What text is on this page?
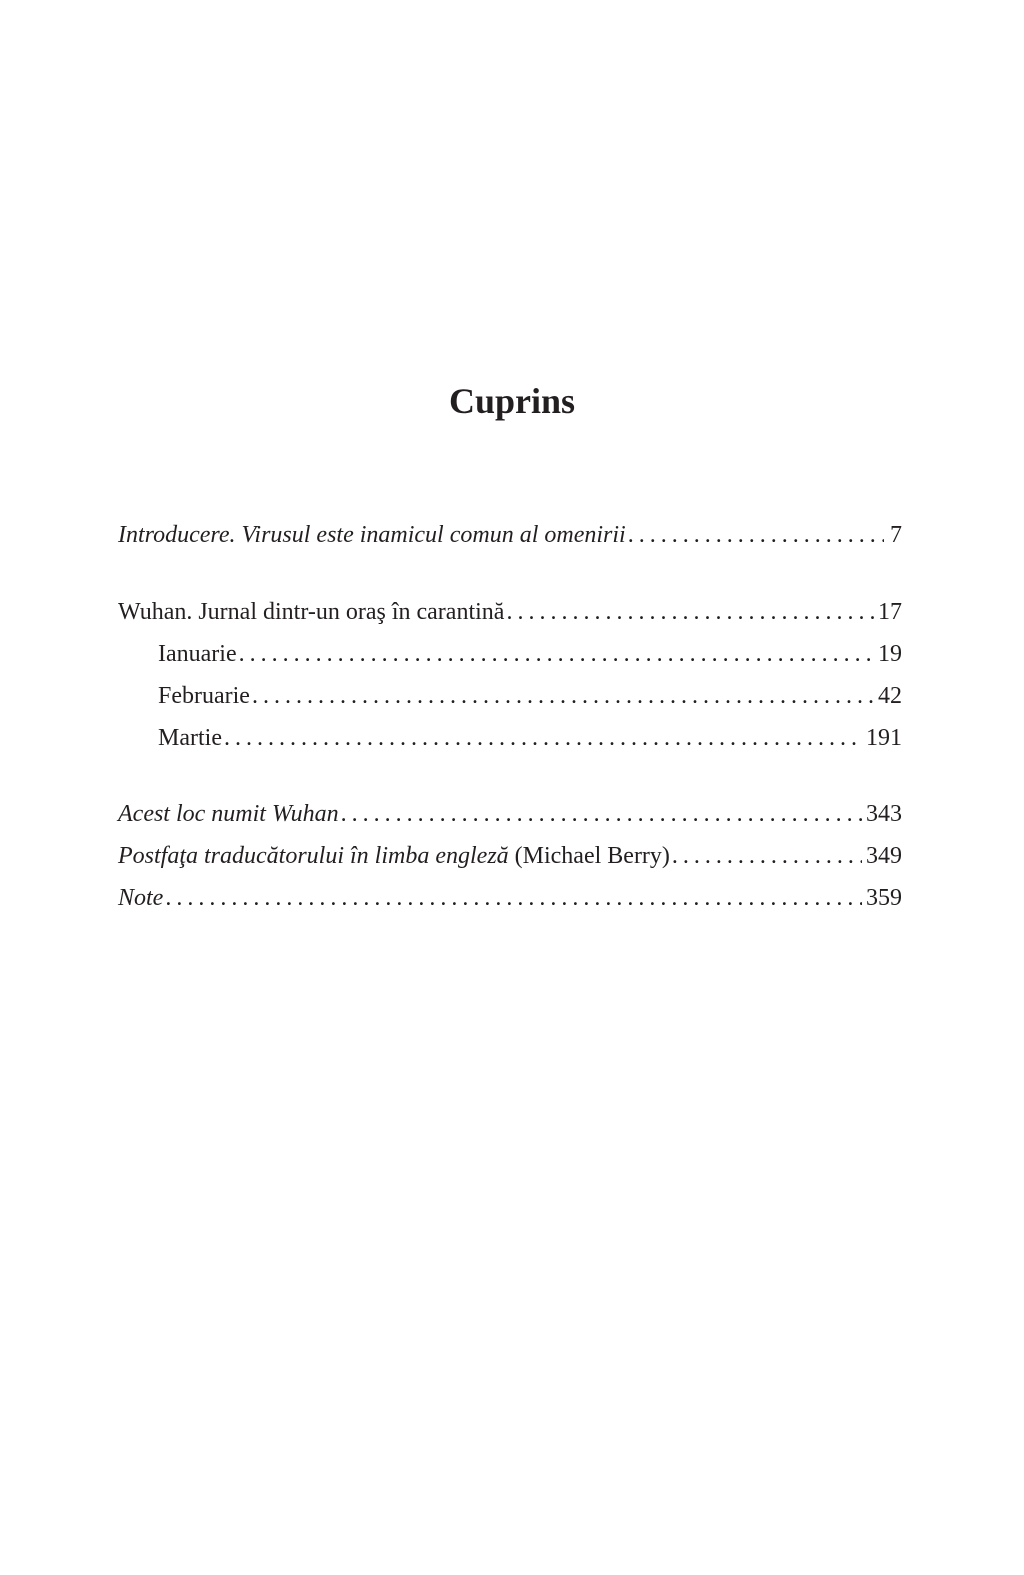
Cuprins
Introducere. Virusul este inamicul comun al omenirii . . .	7
Wuhan. Jurnal dintr-un oraş în carantină . . .	17
Ianuarie . . .	19
Februarie . . .	42
Martie . . .	191
Acest loc numit Wuhan . . .	343
Postfaţa traducătorului în limba engleză (Michael Berry) . . .	349
Note . . .	359
